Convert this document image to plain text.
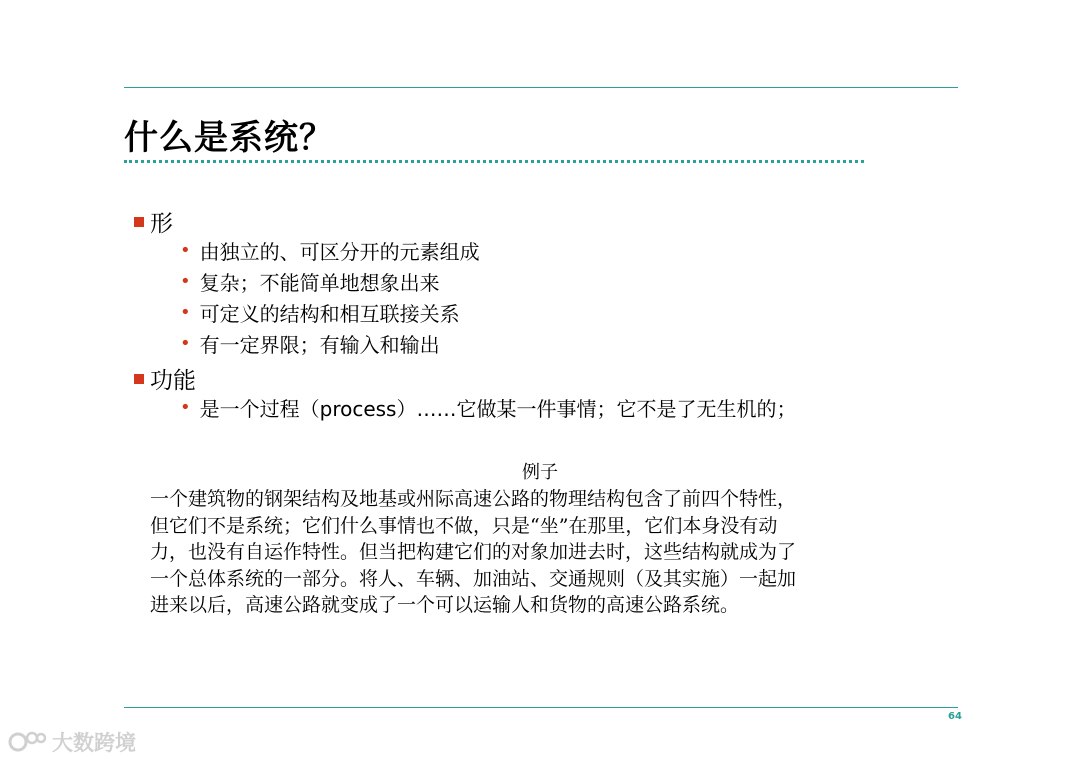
什么是系统？
形
• 由独立的、可区分开的元素组成
• 复杂；不能简单地想象出来
• 可定义的结构和相互联接关系
• 有一定界限；有输入和输出
功能
• 是一个过程（process）……它做某一件事情；它不是了无生机的；
例子
一个建筑物的钢架结构及地基或州际高速公路的物理结构包含了前四个特性，
但它们不是系统；它们什么事情也不做，只是“坐”在那里，它们本身没有动
力，也没有自运作特性。但当把构建它们的对象加进去时，这些结构就成为了
一个总体系统的一部分。将人、车辆、加油站、交通规则（及其实施）一起加
进来以后，高速公路就变成了一个可以运输人和货物的高速公路系统。
64
大数跨境
